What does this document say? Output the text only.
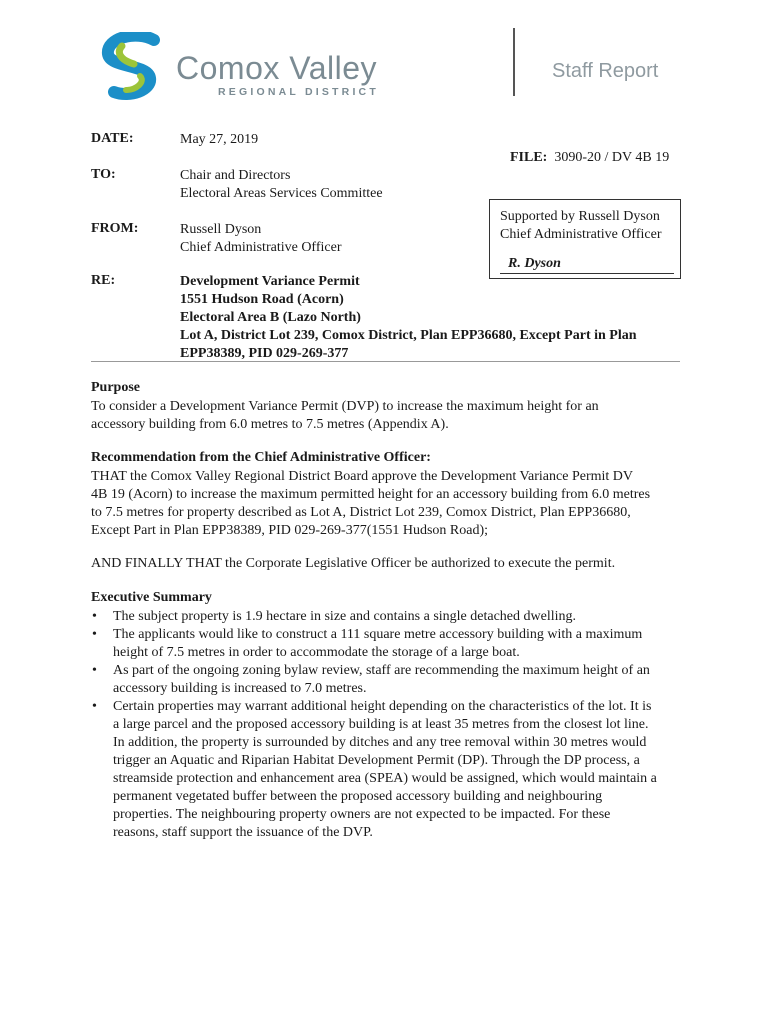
Comox Valley
REGIONAL DISTRICT
Staff Report
DATE:	May 27, 2019
FILE: 3090-20 / DV 4B 19
TO:	Chair and Directors
Electoral Areas Services Committee
FROM:	Russell Dyson
Chief Administrative Officer
Supported by Russell Dyson
Chief Administrative Officer
R. Dyson
RE:	Development Variance Permit
1551 Hudson Road (Acorn)
Electoral Area B (Lazo North)
Lot A, District Lot 239, Comox District, Plan EPP36680, Except Part in Plan
EPP38389, PID 029-269-377
Purpose
To consider a Development Variance Permit (DVP) to increase the maximum height for an
accessory building from 6.0 metres to 7.5 metres (Appendix A).
Recommendation from the Chief Administrative Officer:
THAT the Comox Valley Regional District Board approve the Development Variance Permit DV
4B 19 (Acorn) to increase the maximum permitted height for an accessory building from 6.0 metres
to 7.5 metres for property described as Lot A, District Lot 239, Comox District, Plan EPP36680,
Except Part in Plan EPP38389, PID 029-269-377(1551 Hudson Road);
AND FINALLY THAT the Corporate Legislative Officer be authorized to execute the permit.
Executive Summary
• The subject property is 1.9 hectare in size and contains a single detached dwelling.
• The applicants would like to construct a 111 square metre accessory building with a maximum
height of 7.5 metres in order to accommodate the storage of a large boat.
• As part of the ongoing zoning bylaw review, staff are recommending the maximum height of an
accessory building is increased to 7.0 metres.
• Certain properties may warrant additional height depending on the characteristics of the lot. It is
a large parcel and the proposed accessory building is at least 35 metres from the closest lot line.
In addition, the property is surrounded by ditches and any tree removal within 30 metres would
trigger an Aquatic and Riparian Habitat Development Permit (DP). Through the DP process, a
streamside protection and enhancement area (SPEA) would be assigned, which would maintain a
permanent vegetated buffer between the proposed accessory building and neighbouring
properties. The neighbouring property owners are not expected to be impacted. For these
reasons, staff support the issuance of the DVP.
